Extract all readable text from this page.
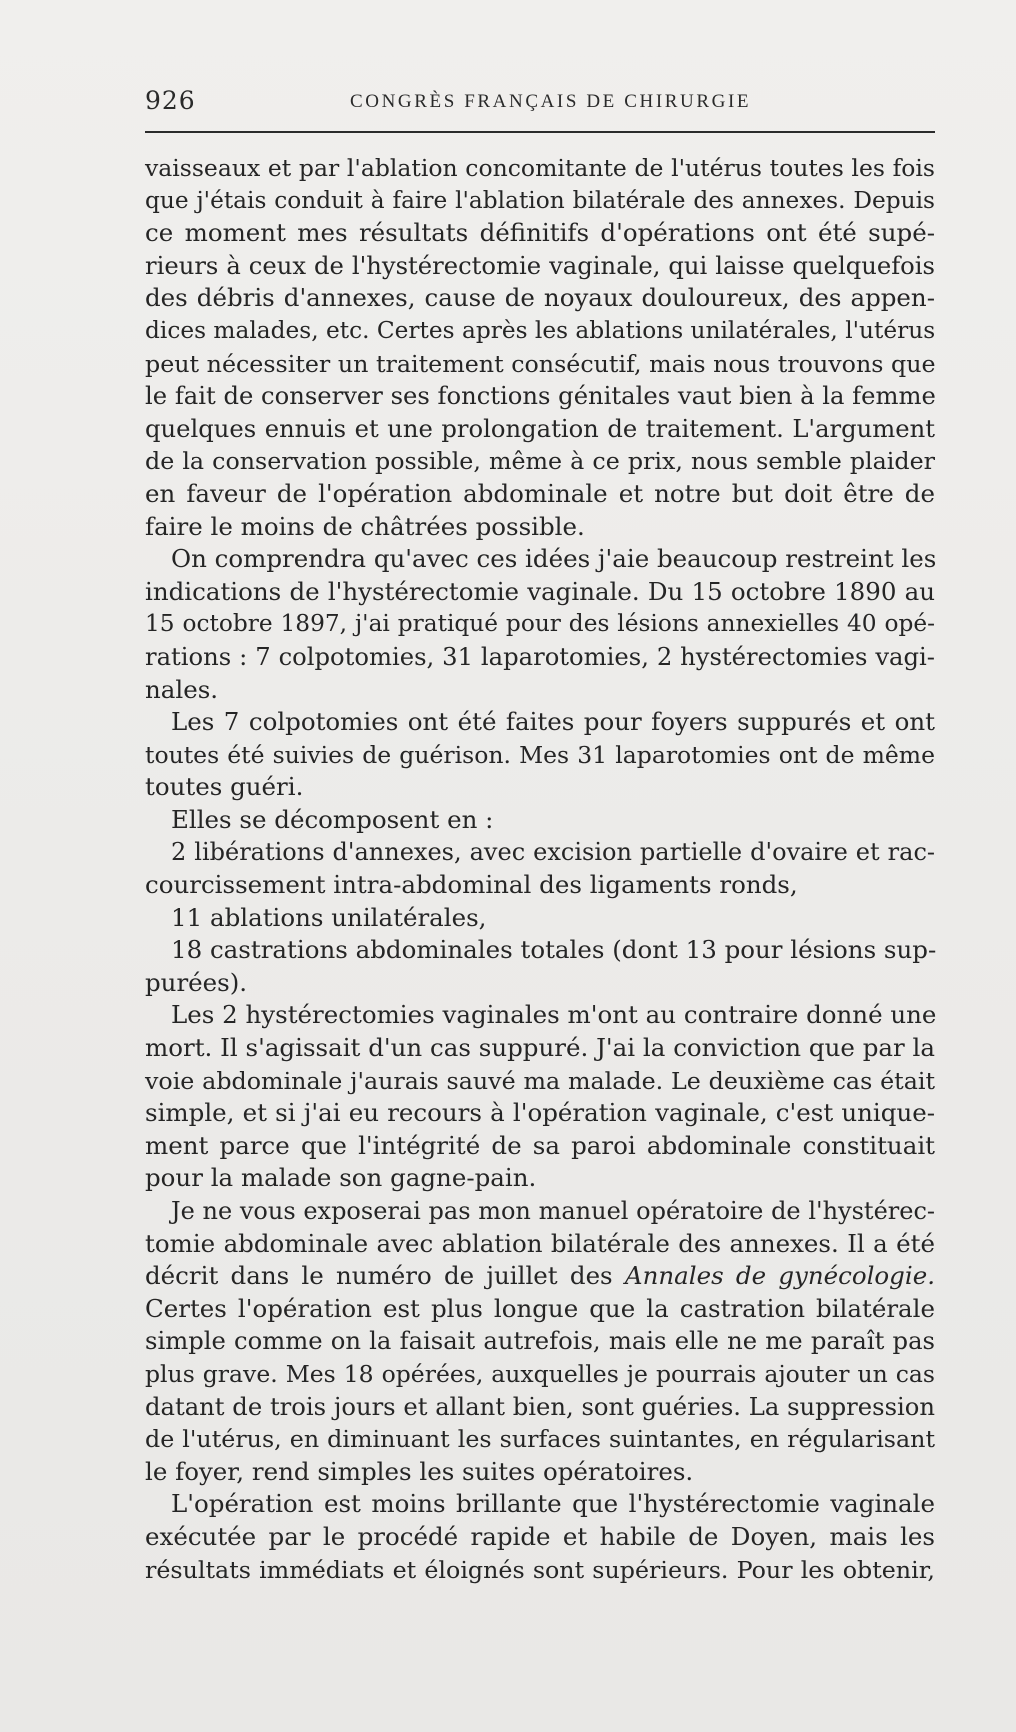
926	CONGRÈS FRANÇAIS DE CHIRURGIE
vaisseaux et par l'ablation concomitante de l'utérus toutes les fois
que j'étais conduit à faire l'ablation bilatérale des annexes. Depuis
ce moment mes résultats définitifs d'opérations ont été supé-
rieurs à ceux de l'hystérectomie vaginale, qui laisse quelquefois
des débris d'annexes, cause de noyaux douloureux, des appen-
dices malades, etc. Certes après les ablations unilatérales, l'utérus
peut nécessiter un traitement consécutif, mais nous trouvons que
le fait de conserver ses fonctions génitales vaut bien à la femme
quelques ennuis et une prolongation de traitement. L'argument
de la conservation possible, même à ce prix, nous semble plaider
en faveur de l'opération abdominale et notre but doit être de
faire le moins de châtrées possible.
On comprendra qu'avec ces idées j'aie beaucoup restreint les
indications de l'hystérectomie vaginale. Du 15 octobre 1890 au
15 octobre 1897, j'ai pratiqué pour des lésions annexielles 40 opé-
rations : 7 colpotomies, 31 laparotomies, 2 hystérectomies vagi-
nales.
Les 7 colpotomies ont été faites pour foyers suppurés et ont
toutes été suivies de guérison. Mes 31 laparotomies ont de même
toutes guéri.
Elles se décomposent en :
2 libérations d'annexes, avec excision partielle d'ovaire et rac-
courcissement intra-abdominal des ligaments ronds,
11 ablations unilatérales,
18 castrations abdominales totales (dont 13 pour lésions sup-
purées).
Les 2 hystérectomies vaginales m'ont au contraire donné une
mort. Il s'agissait d'un cas suppuré. J'ai la conviction que par la
voie abdominale j'aurais sauvé ma malade. Le deuxième cas était
simple, et si j'ai eu recours à l'opération vaginale, c'est unique-
ment parce que l'intégrité de sa paroi abdominale constituait
pour la malade son gagne-pain.
Je ne vous exposerai pas mon manuel opératoire de l'hystérec-
tomie abdominale avec ablation bilatérale des annexes. Il a été
décrit dans le numéro de juillet des Annales de gynécologie.
Certes l'opération est plus longue que la castration bilatérale
simple comme on la faisait autrefois, mais elle ne me paraît pas
plus grave. Mes 18 opérées, auxquelles je pourrais ajouter un cas
datant de trois jours et allant bien, sont guéries. La suppression
de l'utérus, en diminuant les surfaces suintantes, en régularisant
le foyer, rend simples les suites opératoires.
L'opération est moins brillante que l'hystérectomie vaginale
exécutée par le procédé rapide et habile de Doyen, mais les
résultats immédiats et éloignés sont supérieurs. Pour les obtenir,
